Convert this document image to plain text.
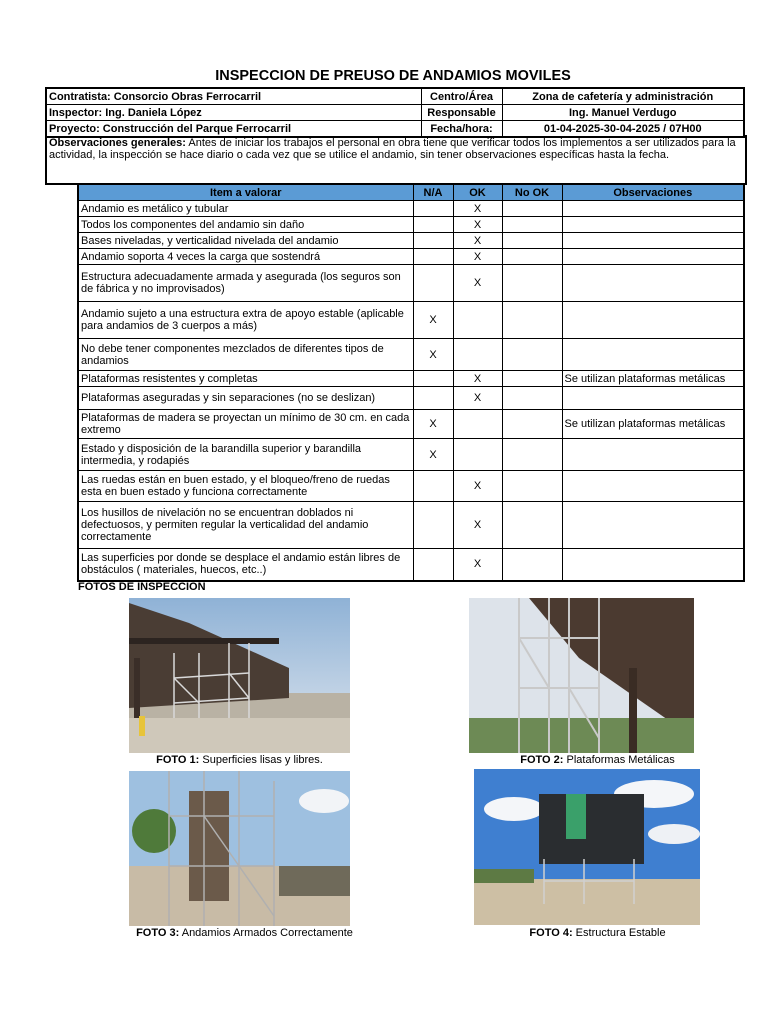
INSPECCION DE PREUSO DE ANDAMIOS MOVILES
Contratista: Consorcio Obras Ferrocarril	Centro/Área	Zona de cafetería y administración
Inspector: Ing. Daniela López	Responsable	Ing. Manuel Verdugo
Proyecto: Construcción del Parque Ferrocarril	Fecha/hora:	01-04-2025-30-04-2025 / 07H00
Observaciones generales: Antes de iniciar los trabajos el personal en obra tiene que verificar todos los implementos a ser utilizados para la actividad, la inspección se hace diario o cada vez que se utilice el andamio, sin tener observaciones específicas hasta la fecha.
Item a valorar	N/A	OK	No OK	Observaciones
Andamio es metálico y tubular		X		
Todos los componentes del andamio sin daño		X		
Bases niveladas, y verticalidad nivelada del andamio		X		
Andamio soporta 4 veces la carga que sostendrá		X		
Estructura adecuadamente armada y asegurada (los seguros son de fábrica y no improvisados)		X		
Andamio sujeto a una estructura extra de apoyo estable (aplicable para andamios de 3 cuerpos a más)	X			
No debe tener componentes mezclados de diferentes tipos de andamios	X			
Plataformas resistentes y completas		X		Se utilizan plataformas metálicas
Plataformas aseguradas y sin separaciones (no se deslizan)		X		
Plataformas de madera se proyectan un mínimo de 30 cm. en cada extremo	X			Se utilizan plataformas metálicas
Estado y disposición de la barandilla superior y barandilla intermedia, y rodapiés	X			
Las ruedas están en buen estado, y el bloqueo/freno de ruedas esta en buen estado y funciona correctamente		X		
Los husillos de nivelación no se encuentran doblados ni defectuosos, y permiten regular la verticalidad del andamio correctamente		X		
Las superficies por donde se desplace el andamio están libres de obstáculos ( materiales, huecos, etc..)		X		
FOTOS DE INSPECCIÓN
FOTO 1: Superficies lisas y libres.	FOTO 2: Plataformas Metálicas
FOTO 3: Andamios Armados Correctamente	FOTO 4: Estructura Estable
